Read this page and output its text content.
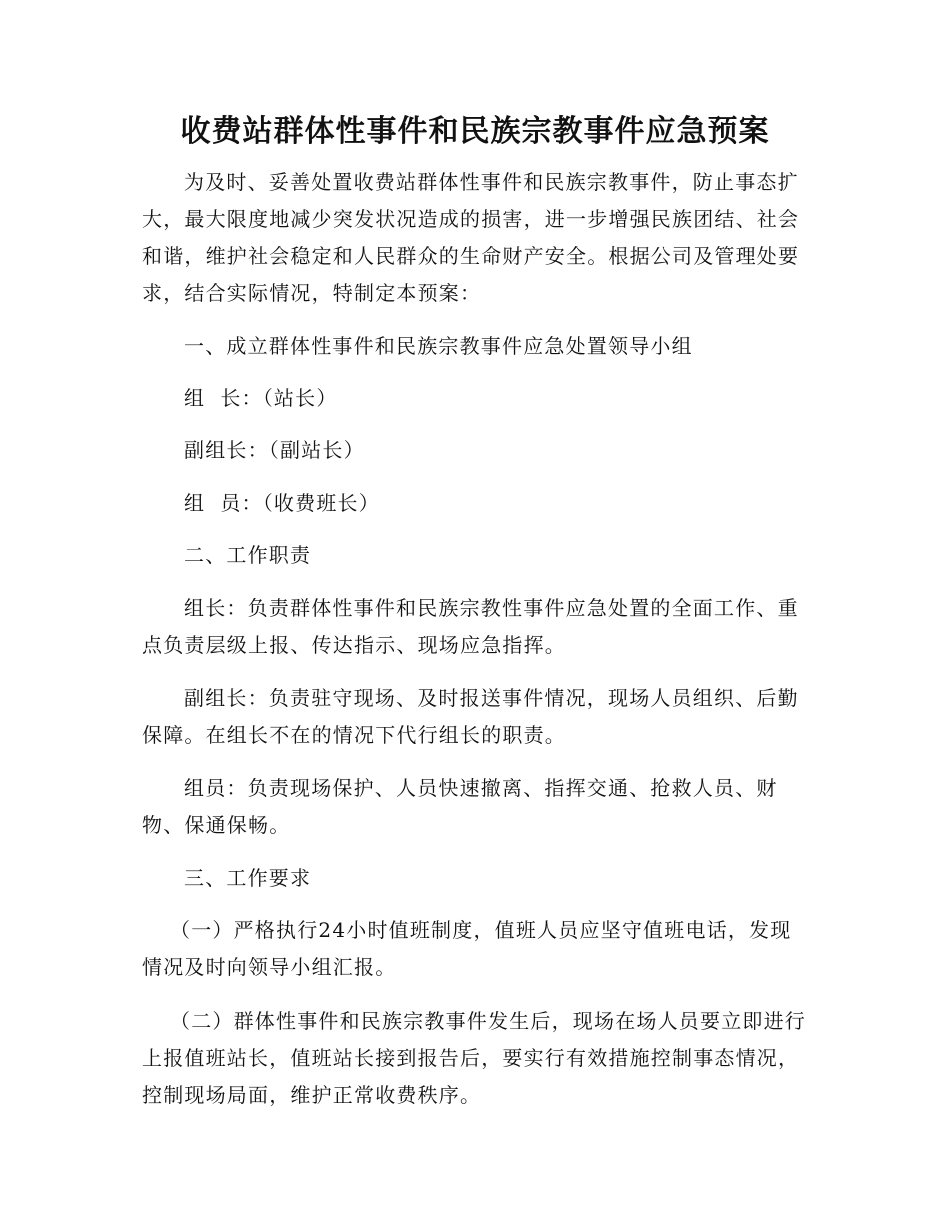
收费站群体性事件和民族宗教事件应急预案

为及时、妥善处置收费站群体性事件和民族宗教事件，防止事态扩大，最大限度地减少突发状况造成的损害，进一步增强民族团结、社会和谐，维护社会稳定和人民群众的生命财产安全。根据公司及管理处要求，结合实际情况，特制定本预案：

一、成立群体性事件和民族宗教事件应急处置领导小组

组  长：（站长）

副组长：（副站长）

组  员：（收费班长）

二、工作职责

组长：负责群体性事件和民族宗教性事件应急处置的全面工作、重点负责层级上报、传达指示、现场应急指挥。

副组长：负责驻守现场、及时报送事件情况，现场人员组织、后勤保障。在组长不在的情况下代行组长的职责。

组员：负责现场保护、人员快速撤离、指挥交通、抢救人员、财物、保通保畅。

三、工作要求

（一）严格执行24小时值班制度，值班人员应坚守值班电话，发现情况及时向领导小组汇报。

（二）群体性事件和民族宗教事件发生后，现场在场人员要立即进行上报值班站长，值班站长接到报告后，要实行有效措施控制事态情况，控制现场局面，维护正常收费秩序。
